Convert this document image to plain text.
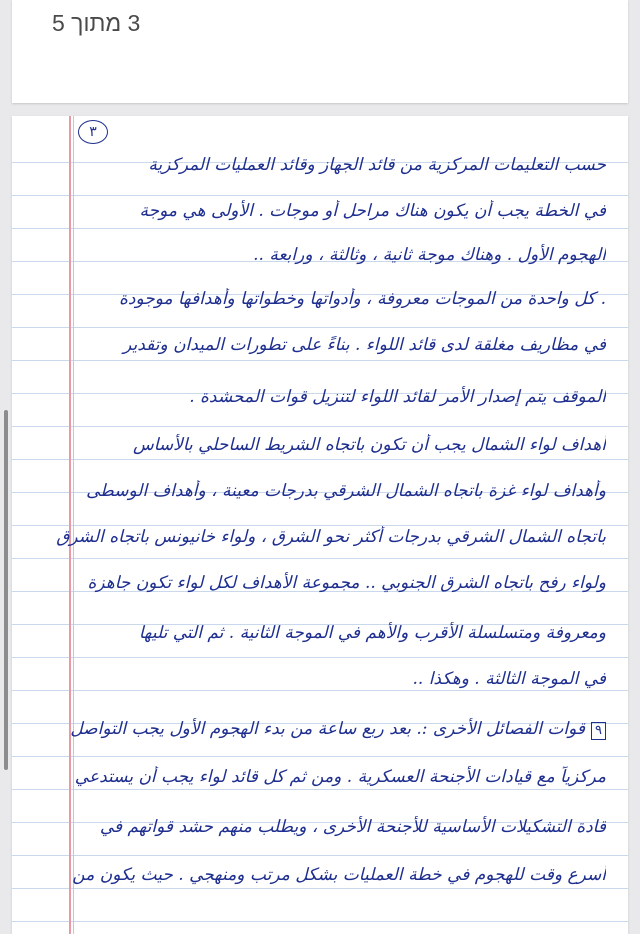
3 מתוך 5
٣
حسب التعليمات المركزية من قائد الجهاز وقائد العمليات المركزية
في الخطة يجب أن يكون هناك مراحل أو موجات . الأولى هي موجة
الهجوم الأول . وهناك موجة ثانية ، وثالثة ، ورابعة ..
. كل واحدة من الموجات معروفة ، وأدواتها وخطواتها وأهدافها موجودة
في مظاريف مغلقة لدى قائد اللواء . بناءً على تطورات الميدان وتقدير
الموقف يتم إصدار الأمر لقائد اللواء لتنزيل قوات المحشدة .
أهداف لواء الشمال يجب أن تكون باتجاه الشريط الساحلي بالأساس
وأهداف لواء غزة باتجاه الشمال الشرقي بدرجات معينة ، وأهداف الوسطى
باتجاه الشمال الشرقي بدرجات أكثر نحو الشرق ، ولواء خانيونس باتجاه الشرق
ولواء رفح باتجاه الشرق الجنوبي .. مجموعة الأهداف لكل لواء تكون جاهزة
ومعروفة ومتسلسلة الأقرب والأهم في الموجة الثانية . ثم التي تليها
في الموجة الثالثة . وهكذا ..
٩قوات الفصائل الأخرى :. بعد ربع ساعة من بدء الهجوم الأول يجب التواصل
مركزياً مع قيادات الأجنحة العسكرية . ومن ثم كل قائد لواء يجب أن يستدعي
قادة التشكيلات الأساسية للأجنحة الأخرى ، ويطلب منهم حشد قواتهم في
أسرع وقت للهجوم في خطة العمليات بشكل مرتب ومنهجي . حيث يكون من
